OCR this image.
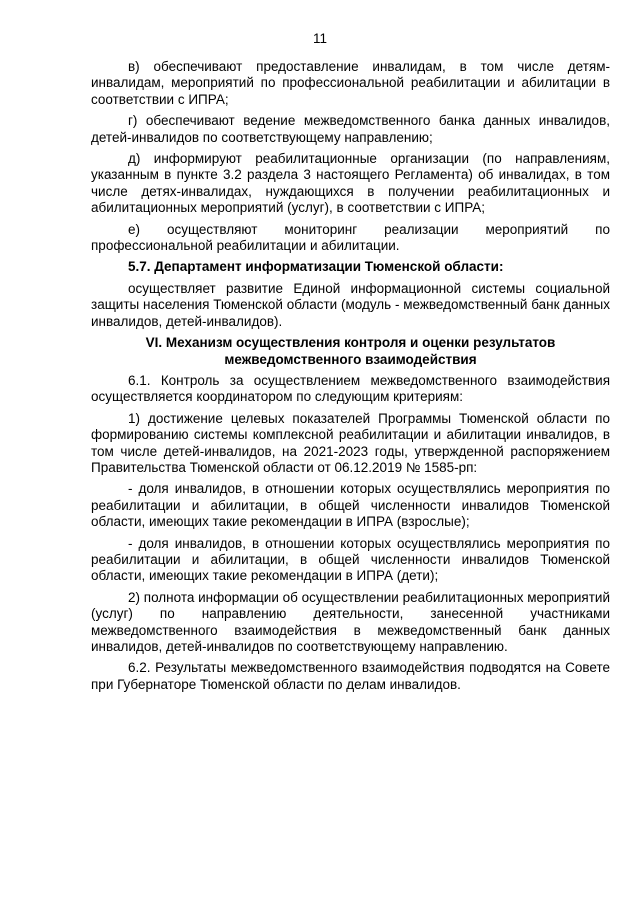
11

в) обеспечивают предоставление инвалидам, в том числе детям-инвалидам, мероприятий по профессиональной реабилитации и абилитации в соответствии с ИПРА;

г) обеспечивают ведение межведомственного банка данных инвалидов, детей-инвалидов по соответствующему направлению;

д) информируют реабилитационные организации (по направлениям, указанным в пункте 3.2 раздела 3 настоящего Регламента) об инвалидах, в том числе детях-инвалидах, нуждающихся в получении реабилитационных и абилитационных мероприятий (услуг), в соответствии с ИПРА;

е) осуществляют мониторинг реализации мероприятий по профессиональной реабилитации и абилитации.

5.7. Департамент информатизации Тюменской области:

осуществляет развитие Единой информационной системы социальной защиты населения Тюменской области (модуль - межведомственный банк данных инвалидов, детей-инвалидов).

VI. Механизм осуществления контроля и оценки результатов
межведомственного взаимодействия

6.1. Контроль за осуществлением межведомственного взаимодействия осуществляется координатором по следующим критериям:

1) достижение целевых показателей Программы Тюменской области по формированию системы комплексной реабилитации и абилитации инвалидов, в том числе детей-инвалидов, на 2021-2023 годы, утвержденной распоряжением Правительства Тюменской области от 06.12.2019 № 1585-рп:

- доля инвалидов, в отношении которых осуществлялись мероприятия по реабилитации и абилитации, в общей численности инвалидов Тюменской области, имеющих такие рекомендации в ИПРА (взрослые);

- доля инвалидов, в отношении которых осуществлялись мероприятия по реабилитации и абилитации, в общей численности инвалидов Тюменской области, имеющих такие рекомендации в ИПРА (дети);

2) полнота информации об осуществлении реабилитационных мероприятий (услуг) по направлению деятельности, занесенной участниками межведомственного взаимодействия в межведомственный банк данных инвалидов, детей-инвалидов по соответствующему направлению.

6.2. Результаты межведомственного взаимодействия подводятся на Совете при Губернаторе Тюменской области по делам инвалидов.
